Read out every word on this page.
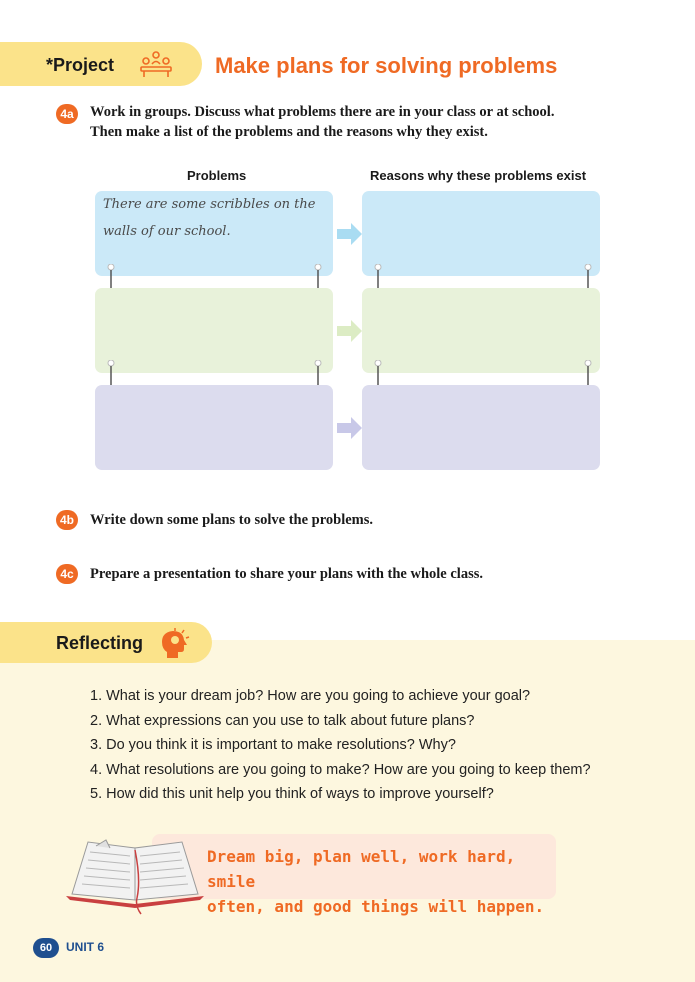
*Project	Make plans for solving problems
4a Work in groups. Discuss what problems there are in your class or at school.
Then make a list of the problems and the reasons why they exist.
Problems	Reasons why these problems exist
There are some scribbles on the
walls of our school.
4b Write down some plans to solve the problems.
4c Prepare a presentation to share your plans with the whole class.
Reflecting
1. What is your dream job? How are you going to achieve your goal?
2. What expressions can you use to talk about future plans?
3. Do you think it is important to make resolutions? Why?
4. What resolutions are you going to make? How are you going to keep them?
5. How did this unit help you think of ways to improve yourself?
Dream big, plan well, work hard, smile
often, and good things will happen.
60	UNIT 6
